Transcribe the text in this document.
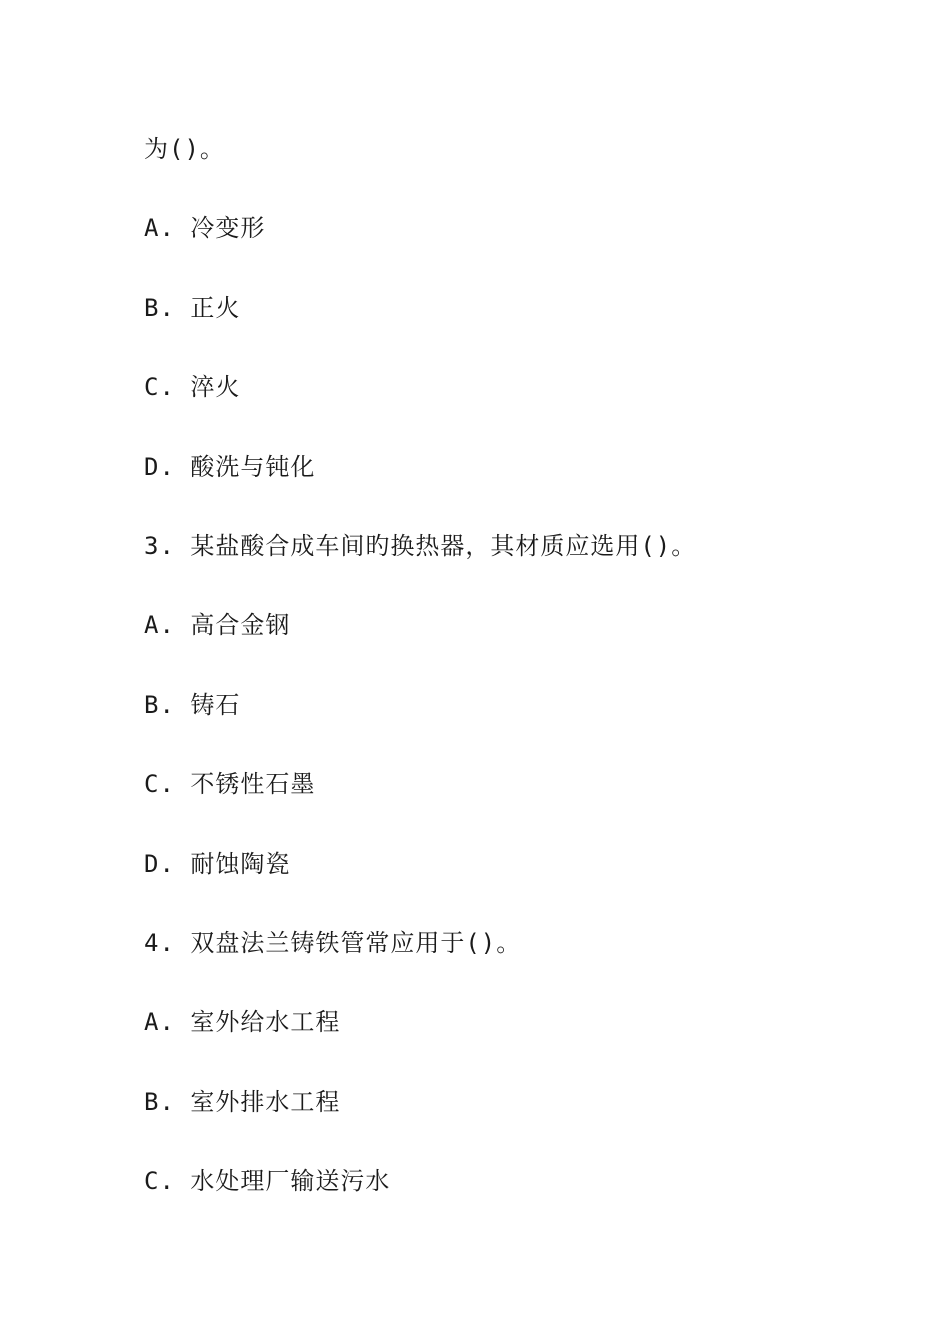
为()。
A. 冷变形
B. 正火
C. 淬火
D. 酸洗与钝化
3. 某盐酸合成车间旳换热器，其材质应选用()。
A. 高合金钢
B. 铸石
C. 不锈性石墨
D. 耐蚀陶瓷
4. 双盘法兰铸铁管常应用于()。
A. 室外给水工程
B. 室外排水工程
C. 水处理厂输送污水
